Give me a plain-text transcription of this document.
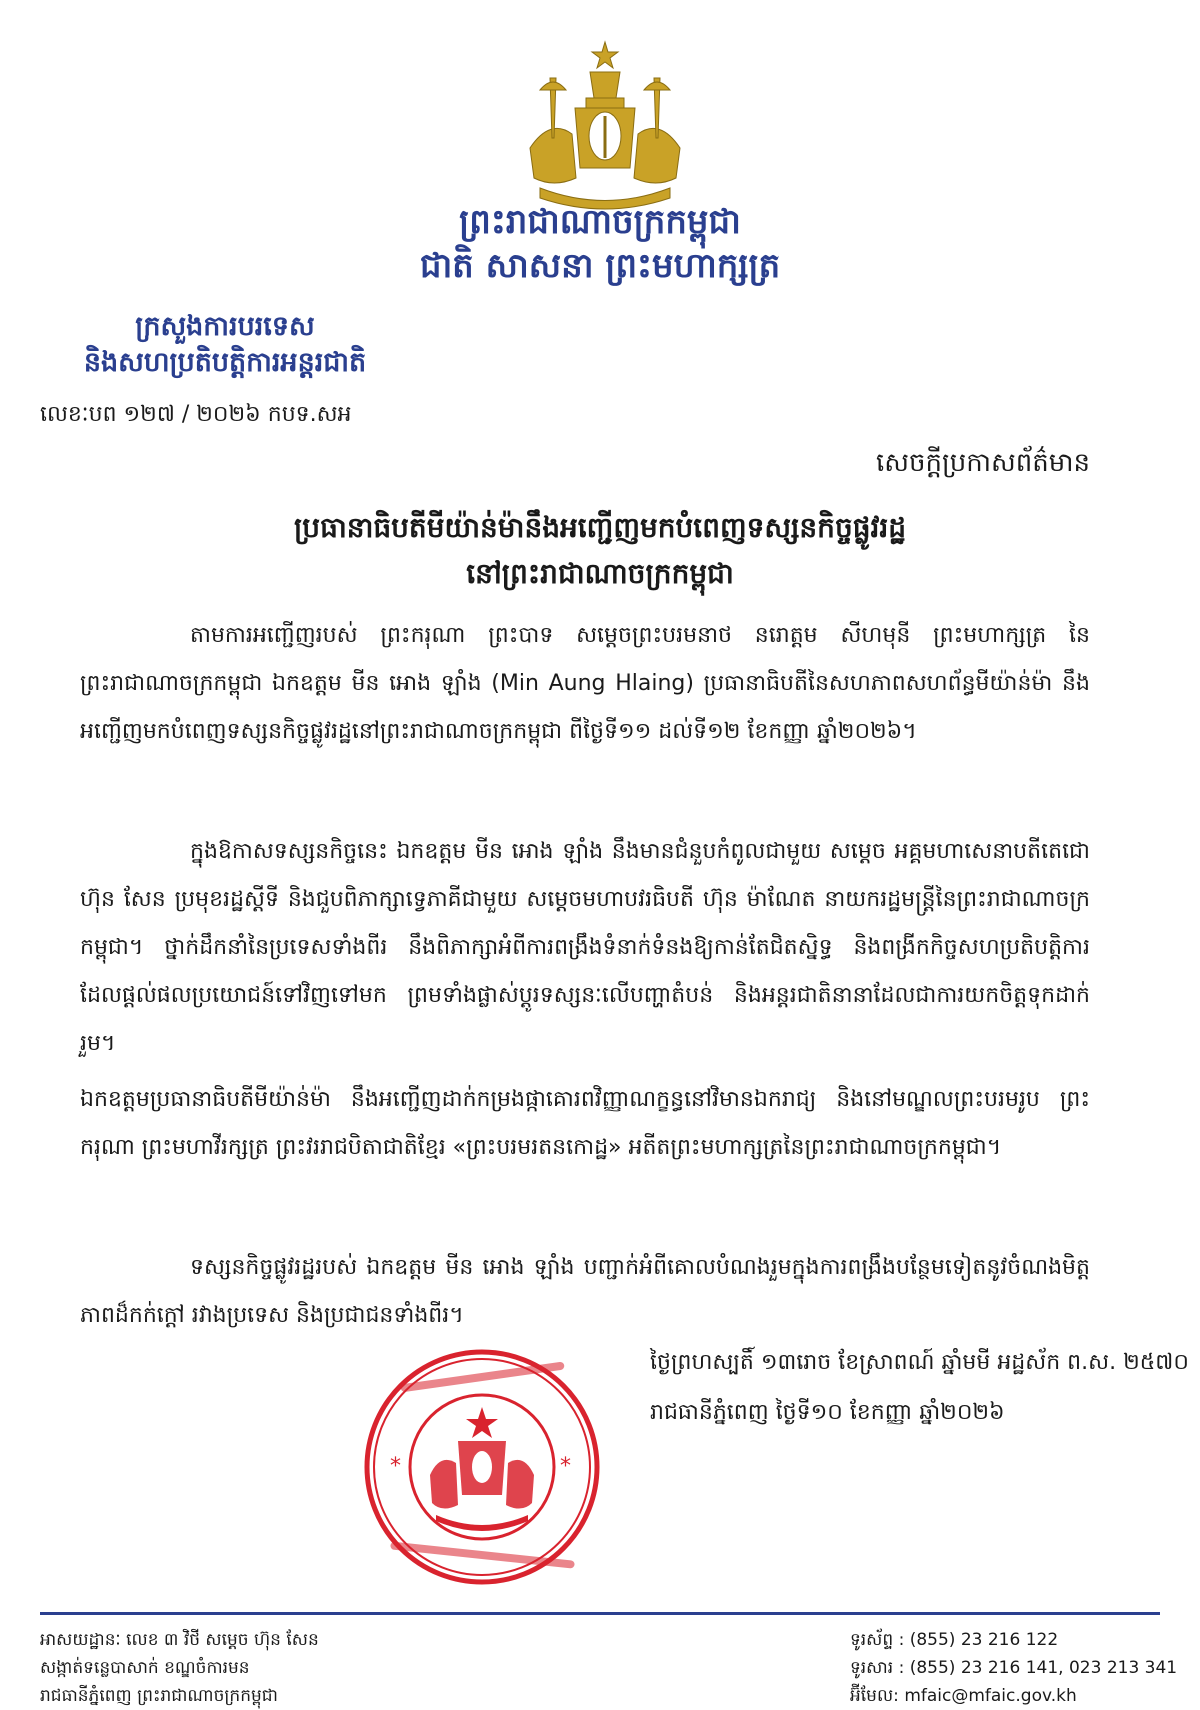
ព្រះរាជាណាចក្រកម្ពុជា
ជាតិ សាសនា ព្រះមហាក្សត្រ
ក្រសួងការបរទេស
និងសហប្រតិបត្តិការអន្តរជាតិ
លេខៈបព ១២៧ / ២០២៦ កបទ.សអ
សេចក្តីប្រកាសព័ត៌មាន
ប្រធានាធិបតីមីយ៉ាន់ម៉ានឹងអញ្ជើញមកបំពេញទស្សនកិច្ចផ្លូវរដ្ឋ
នៅព្រះរាជាណាចក្រកម្ពុជា
តាមការអញ្ជើញរបស់ ព្រះករុណា ព្រះបាទ សម្តេចព្រះបរមនាថ នរោត្តម សីហមុនី ព្រះមហាក្សត្រ នៃព្រះរាជាណាចក្រកម្ពុជា ឯកឧត្តម មីន អោង ឡាំង (Min Aung Hlaing) ប្រធានាធិបតីនៃសហភាពសហព័ន្ធមីយ៉ាន់ម៉ា នឹងអញ្ជើញមកបំពេញទស្សនកិច្ចផ្លូវរដ្ឋនៅព្រះរាជាណាចក្រកម្ពុជា ពីថ្ងៃទី១១ ដល់ទី១២ ខែកញ្ញា ឆ្នាំ២០២៦។
ក្នុងឱកាសទស្សនកិច្ចនេះ ឯកឧត្តម មីន អោង ឡាំង នឹងមានជំនួបកំពូលជាមួយ សម្តេច អគ្គមហាសេនាបតីតេជោ ហ៊ុន សែន ប្រមុខរដ្ឋស្តីទី និងជួបពិភាក្សាទ្វេភាគីជាមួយ សម្តេចមហាបវរធិបតី ហ៊ុន ម៉ាណែត នាយករដ្ឋមន្ត្រីនៃព្រះរាជាណាចក្រកម្ពុជា។ ថ្នាក់ដឹកនាំនៃប្រទេសទាំងពីរ នឹងពិភាក្សាអំពីការពង្រឹងទំនាក់ទំនងឱ្យកាន់តែជិតស្និទ្ធ និងពង្រីកកិច្ចសហប្រតិបត្តិការដែលផ្តល់ផលប្រយោជន៍ទៅវិញទៅមក ព្រមទាំងផ្លាស់ប្តូរទស្សនៈលើបញ្ហាតំបន់ និងអន្តរជាតិនានាដែលជាការយកចិត្តទុកដាក់រួម។
ឯកឧត្តមប្រធានាធិបតីមីយ៉ាន់ម៉ា នឹងអញ្ជើញដាក់កម្រងផ្កាគោរពវិញ្ញាណក្ខន្ធនៅវិមានឯករាជ្យ និងនៅមណ្ឌលព្រះបរមរូប ព្រះករុណា ព្រះមហាវីរក្សត្រ ព្រះវររាជបិតាជាតិខ្មែរ «ព្រះបរមរតនកោដ្ឋ» អតីតព្រះមហាក្សត្រនៃព្រះរាជាណាចក្រកម្ពុជា។
ទស្សនកិច្ចផ្លូវរដ្ឋរបស់ ឯកឧត្តម មីន អោង ឡាំង បញ្ជាក់អំពីគោលបំណងរួមក្នុងការពង្រឹងបន្ថែមទៀតនូវចំណងមិត្តភាពដ៏កក់ក្តៅ រវាងប្រទេស និងប្រជាជនទាំងពីរ។
*	*
ថ្ងៃព្រហស្បតិ៍ ១៣រោច ខែស្រាពណ៍ ឆ្នាំមមី អដ្ឋស័ក ព.ស. ២៥៧០
រាជធានីភ្នំពេញ ថ្ងៃទី១០ ខែកញ្ញា ឆ្នាំ២០២៦
អាសយដ្ឋានៈ លេខ ៣ វិថី សម្តេច ហ៊ុន សែន
សង្កាត់ទន្លេបាសាក់ ខណ្ឌចំការមន
រាជធានីភ្នំពេញ ព្រះរាជាណាចក្រកម្ពុជា
ទូរស័ព្ទ : (855) 23 216 122
ទូរសារ : (855) 23 216 141, 023 213 341
អ៊ីមែល: mfaic@mfaic.gov.kh
